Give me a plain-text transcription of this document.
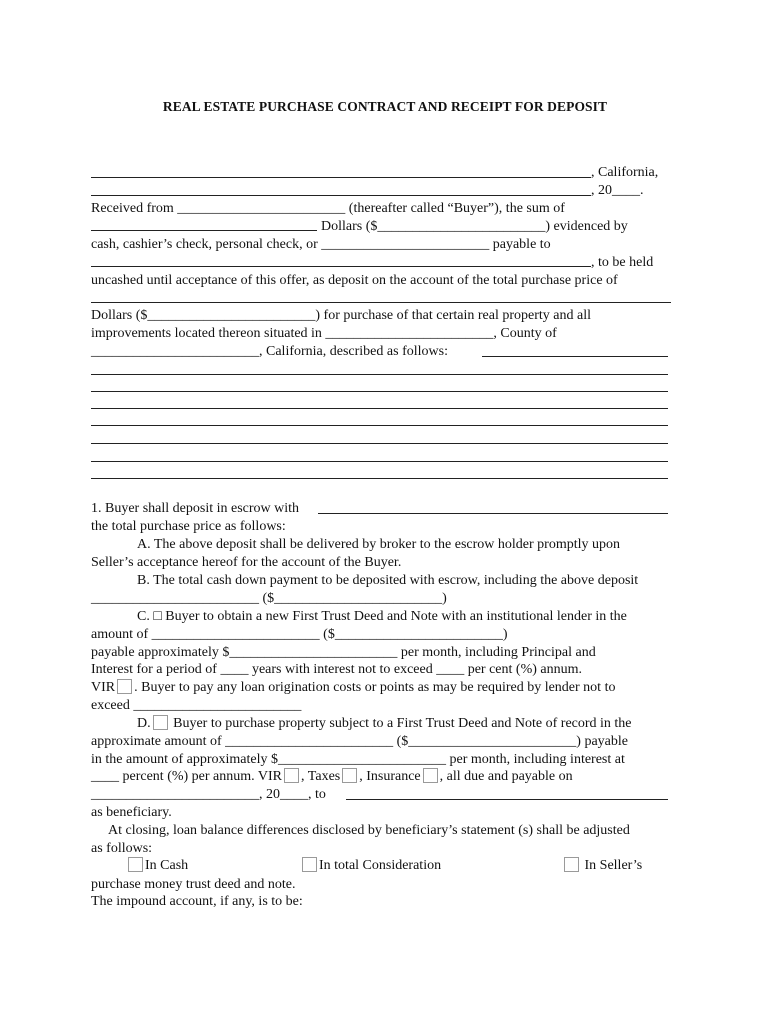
REAL ESTATE PURCHASE CONTRACT AND RECEIPT FOR DEPOSIT
, California,
, 20____.
Received from ________________________ (thereafter called “Buyer”), the sum of
Dollars ($________________________) evidenced by
cash, cashier’s check, personal check, or ________________________ payable to
, to be held
uncashed until acceptance of this offer, as deposit on the account of the total purchase price of
Dollars ($________________________) for purchase of that certain real property and all
improvements located thereon situated in ________________________, County of
________________________, California, described as follows:
1. Buyer shall deposit in escrow with
the total purchase price as follows:
A. The above deposit shall be delivered by broker to the escrow holder promptly upon
Seller’s acceptance hereof for the account of the Buyer.
B. The total cash down payment to be deposited with escrow, including the above deposit
________________________ ($________________________)
C. □ Buyer to obtain a new First Trust Deed and Note with an institutional lender in the
amount of ________________________ ($________________________)
payable approximately $________________________ per month, including Principal and
Interest for a period of ____ years with interest not to exceed ____ per cent (%) annum.
VIR . Buyer to pay any loan origination costs or points as may be required by lender not to
exceed ________________________
D. Buyer to purchase property subject to a First Trust Deed and Note of record in the
approximate amount of ________________________ ($________________________) payable
in the amount of approximately $________________________ per month, including interest at
____ percent (%) per annum. VIR , Taxes , Insurance , all due and payable on
________________________, 20____, to
as beneficiary.
At closing, loan balance differences disclosed by beneficiary’s statement (s) shall be adjusted
as follows:
In Cash	In total Consideration	In Seller’s
purchase money trust deed and note.
The impound account, if any, is to be:
